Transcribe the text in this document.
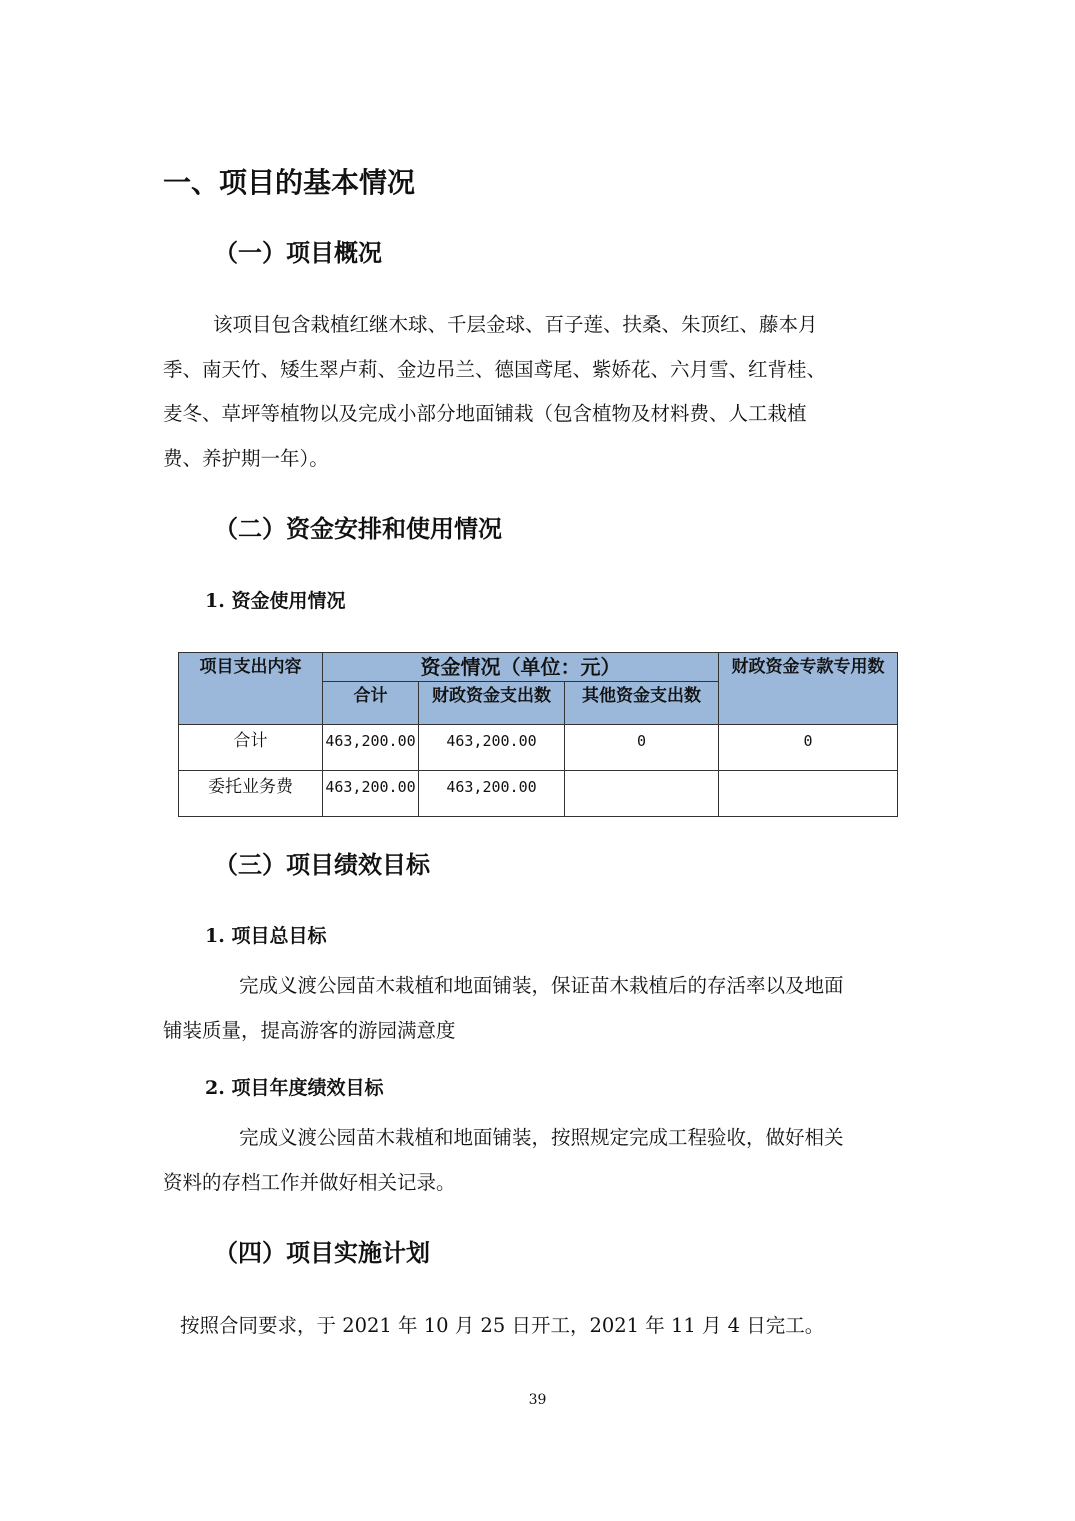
一、项目的基本情况
（一）项目概况
该项目包含栽植红继木球、千层金球、百子莲、扶桑、朱顶红、藤本月
季、南天竹、矮生翠卢莉、金边吊兰、德国鸢尾、紫娇花、六月雪、红背桂、
麦冬、草坪等植物以及完成小部分地面铺栽（包含植物及材料费、人工栽植
费、养护期一年）。
（二）资金安排和使用情况
1. 资金使用情况
项目支出内容	资金情况（单位：元）			财政资金专款专用数
	合计	财政资金支出数	其他资金支出数	
合计	463,200.00	463,200.00	0	0
委托业务费	463,200.00	463,200.00		
（三）项目绩效目标
1. 项目总目标
完成义渡公园苗木栽植和地面铺装，保证苗木栽植后的存活率以及地面
铺装质量，提高游客的游园满意度
2. 项目年度绩效目标
完成义渡公园苗木栽植和地面铺装，按照规定完成工程验收，做好相关
资料的存档工作并做好相关记录。
（四）项目实施计划
按照合同要求，于 2021 年 10 月 25 日开工，2021 年 11 月 4 日完工。
39
